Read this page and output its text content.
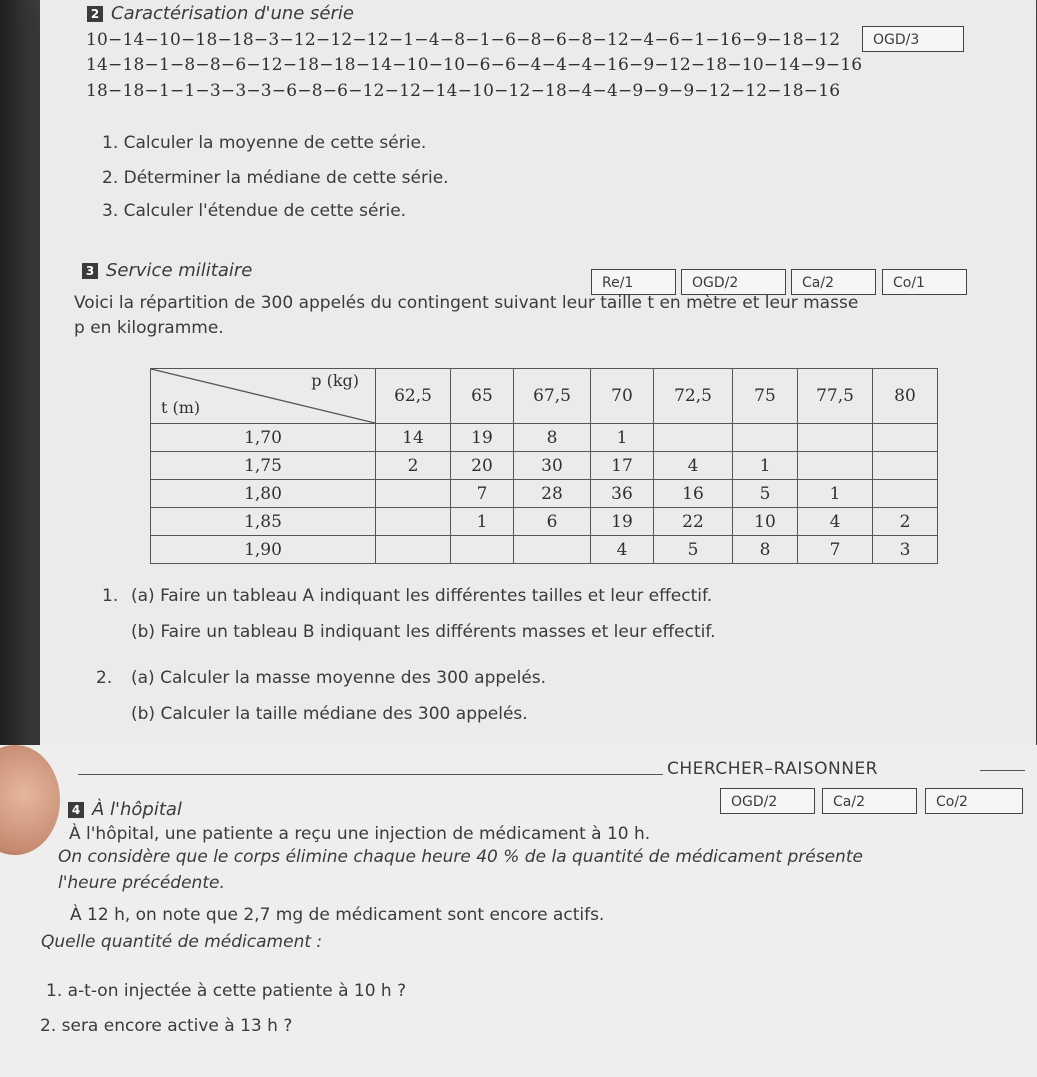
2 Caractérisation d'une série
OGD/3
10−14−10−18−18−3−12−12−12−1−4−8−1−6−8−6−8−12−4−6−1−16−9−18−12
14−18−1−8−8−6−12−18−18−14−10−10−6−6−4−4−4−16−9−12−18−10−14−9−16
18−18−1−1−3−3−3−6−8−6−12−12−14−10−12−18−4−4−9−9−9−12−12−18−16
1. Calculer la moyenne de cette série.
2. Déterminer la médiane de cette série.
3. Calculer l'étendue de cette série.
3 Service militaire
Re/1	OGD/2	Ca/2	Co/1
Voici la répartition de 300 appelés du contingent suivant leur taille t en mètre et leur masse
p en kilogramme.
p (kg)
t (m)	62,5	65	67,5	70	72,5	75	77,5	80
1,70	14	19	8	1				
1,75	2	20	30	17	4	1		
1,80		7	28	36	16	5	1	
1,85		1	6	19	22	10	4	2
1,90				4	5	8	7	3
1. (a) Faire un tableau A indiquant les différentes tailles et leur effectif.
(b) Faire un tableau B indiquant les différents masses et leur effectif.
2. (a) Calculer la masse moyenne des 300 appelés.
(b) Calculer la taille médiane des 300 appelés.
CHERCHER–RAISONNER
4 À l'hôpital	OGD/2	Ca/2	Co/2
À l'hôpital, une patiente a reçu une injection de médicament à 10 h.
On considère que le corps élimine chaque heure 40 % de la quantité de médicament présente
l'heure précédente.
À 12 h, on note que 2,7 mg de médicament sont encore actifs.
Quelle quantité de médicament :
1. a-t-on injectée à cette patiente à 10 h ?
2. sera encore active à 13 h ?
